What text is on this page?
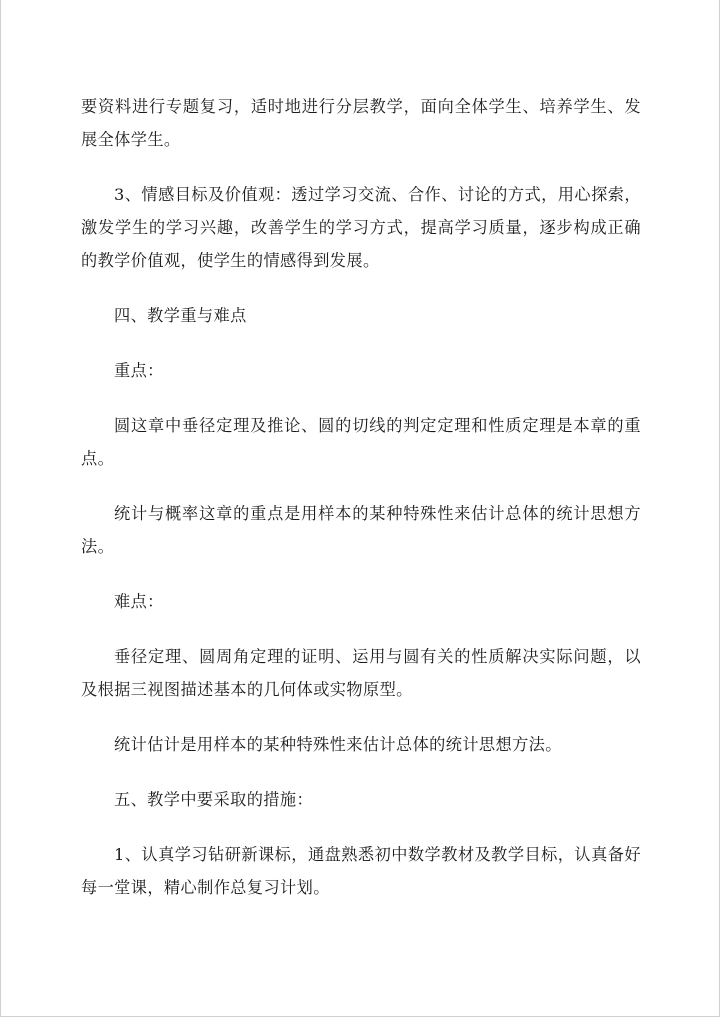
要资料进行专题复习，适时地进行分层教学，面向全体学生、培养学生、发展全体学生。

3、情感目标及价值观：透过学习交流、合作、讨论的方式，用心探索，激发学生的学习兴趣，改善学生的学习方式，提高学习质量，逐步构成正确的教学价值观，使学生的情感得到发展。

四、教学重与难点

重点：

圆这章中垂径定理及推论、圆的切线的判定定理和性质定理是本章的重点。

统计与概率这章的重点是用样本的某种特殊性来估计总体的统计思想方法。

难点：

垂径定理、圆周角定理的证明、运用与圆有关的性质解决实际问题，以及根据三视图描述基本的几何体或实物原型。

统计估计是用样本的某种特殊性来估计总体的统计思想方法。

五、教学中要采取的措施：

1、认真学习钻研新课标，通盘熟悉初中数学教材及教学目标，认真备好每一堂课，精心制作总复习计划。
